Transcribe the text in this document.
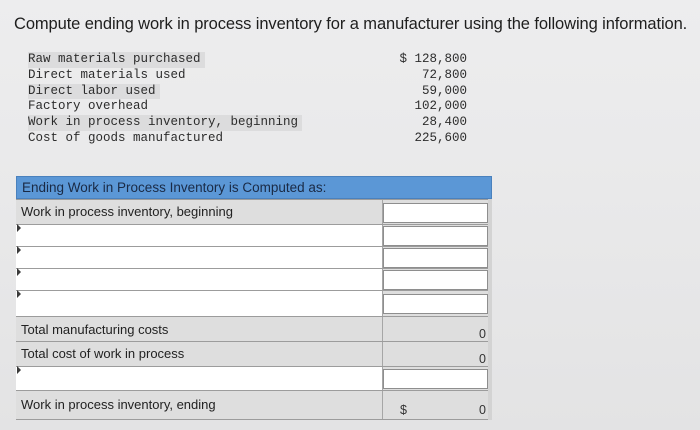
Compute ending work in process inventory for a manufacturer using the following information.
Raw materials purchased	$ 128,800
Direct materials used	72,800
Direct labor used	59,000
Factory overhead	102,000
Work in process inventory, beginning	28,400
Cost of goods manufactured	225,600
Ending Work in Process Inventory is Computed as:
Work in process inventory, beginning
Total manufacturing costs	0
Total cost of work in process	0
Work in process inventory, ending	$	0
